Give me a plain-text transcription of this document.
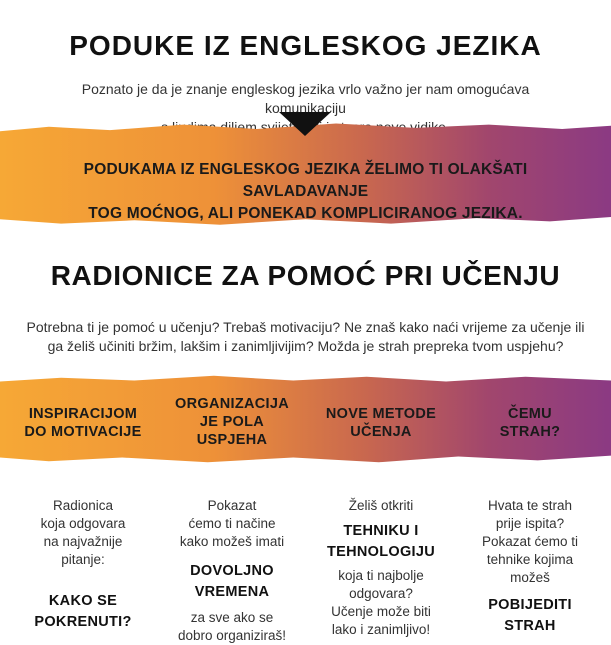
PODUKE IZ ENGLESKOG JEZIKA
Poznato je da je znanje engleskog jezika vrlo važno jer nam omogućava komunikaciju
PODUKAMA IZ ENGLESKOG JEZIKA ŽELIMO TI OLAKŠATI SAVLADAVANJE
TOG MOĆNOG, ALI PONEKAD KOMPLICIRANOG JEZIKA.
RADIONICE ZA POMOĆ PRI UČENJU
Potrebna ti je pomoć u učenju? Trebaš motivaciju? Ne znaš kako naći vrijeme za učenje ili
ga želiš učiniti bržim, lakšim i zanimljivijim? Možda je strah prepreka tvom uspjehu?
INSPIRACIJOM
DO MOTIVACIJE
Radionica
koja odgovara
na najvažnije
pitanje:
KAKO SE
POKRENUTI?
ORGANIZACIJA
JE POLA
USPJEHA
Pokazat
ćemo ti načine
kako možeš imati
DOVOLJNO
VREMENA
za sve ako se
dobro organiziraš!
NOVE METODE
UČENJA
Želiš otkriti
TEHNIKU I
TEHNOLOGIJU
koja ti najbolje
odgovara?
Učenje može biti
lako i zanimljivo!
ČEMU
STRAH?
Hvata te strah
prije ispita?
Pokazat ćemo ti
tehnike kojima
možeš
POBIJEDITI
STRAH
